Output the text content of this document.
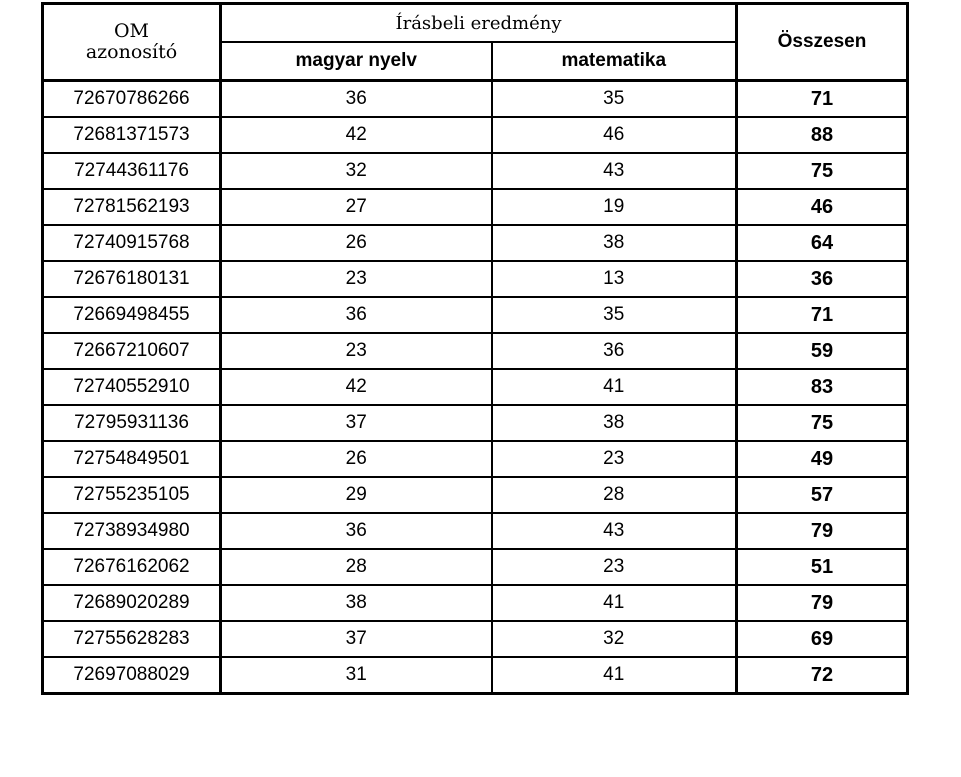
OM
azonosító	Írásbeli eredmény		Összesen
	magyar nyelv	matematika	
72670786266	36	35	71
72681371573	42	46	88
72744361176	32	43	75
72781562193	27	19	46
72740915768	26	38	64
72676180131	23	13	36
72669498455	36	35	71
72667210607	23	36	59
72740552910	42	41	83
72795931136	37	38	75
72754849501	26	23	49
72755235105	29	28	57
72738934980	36	43	79
72676162062	28	23	51
72689020289	38	41	79
72755628283	37	32	69
72697088029	31	41	72
